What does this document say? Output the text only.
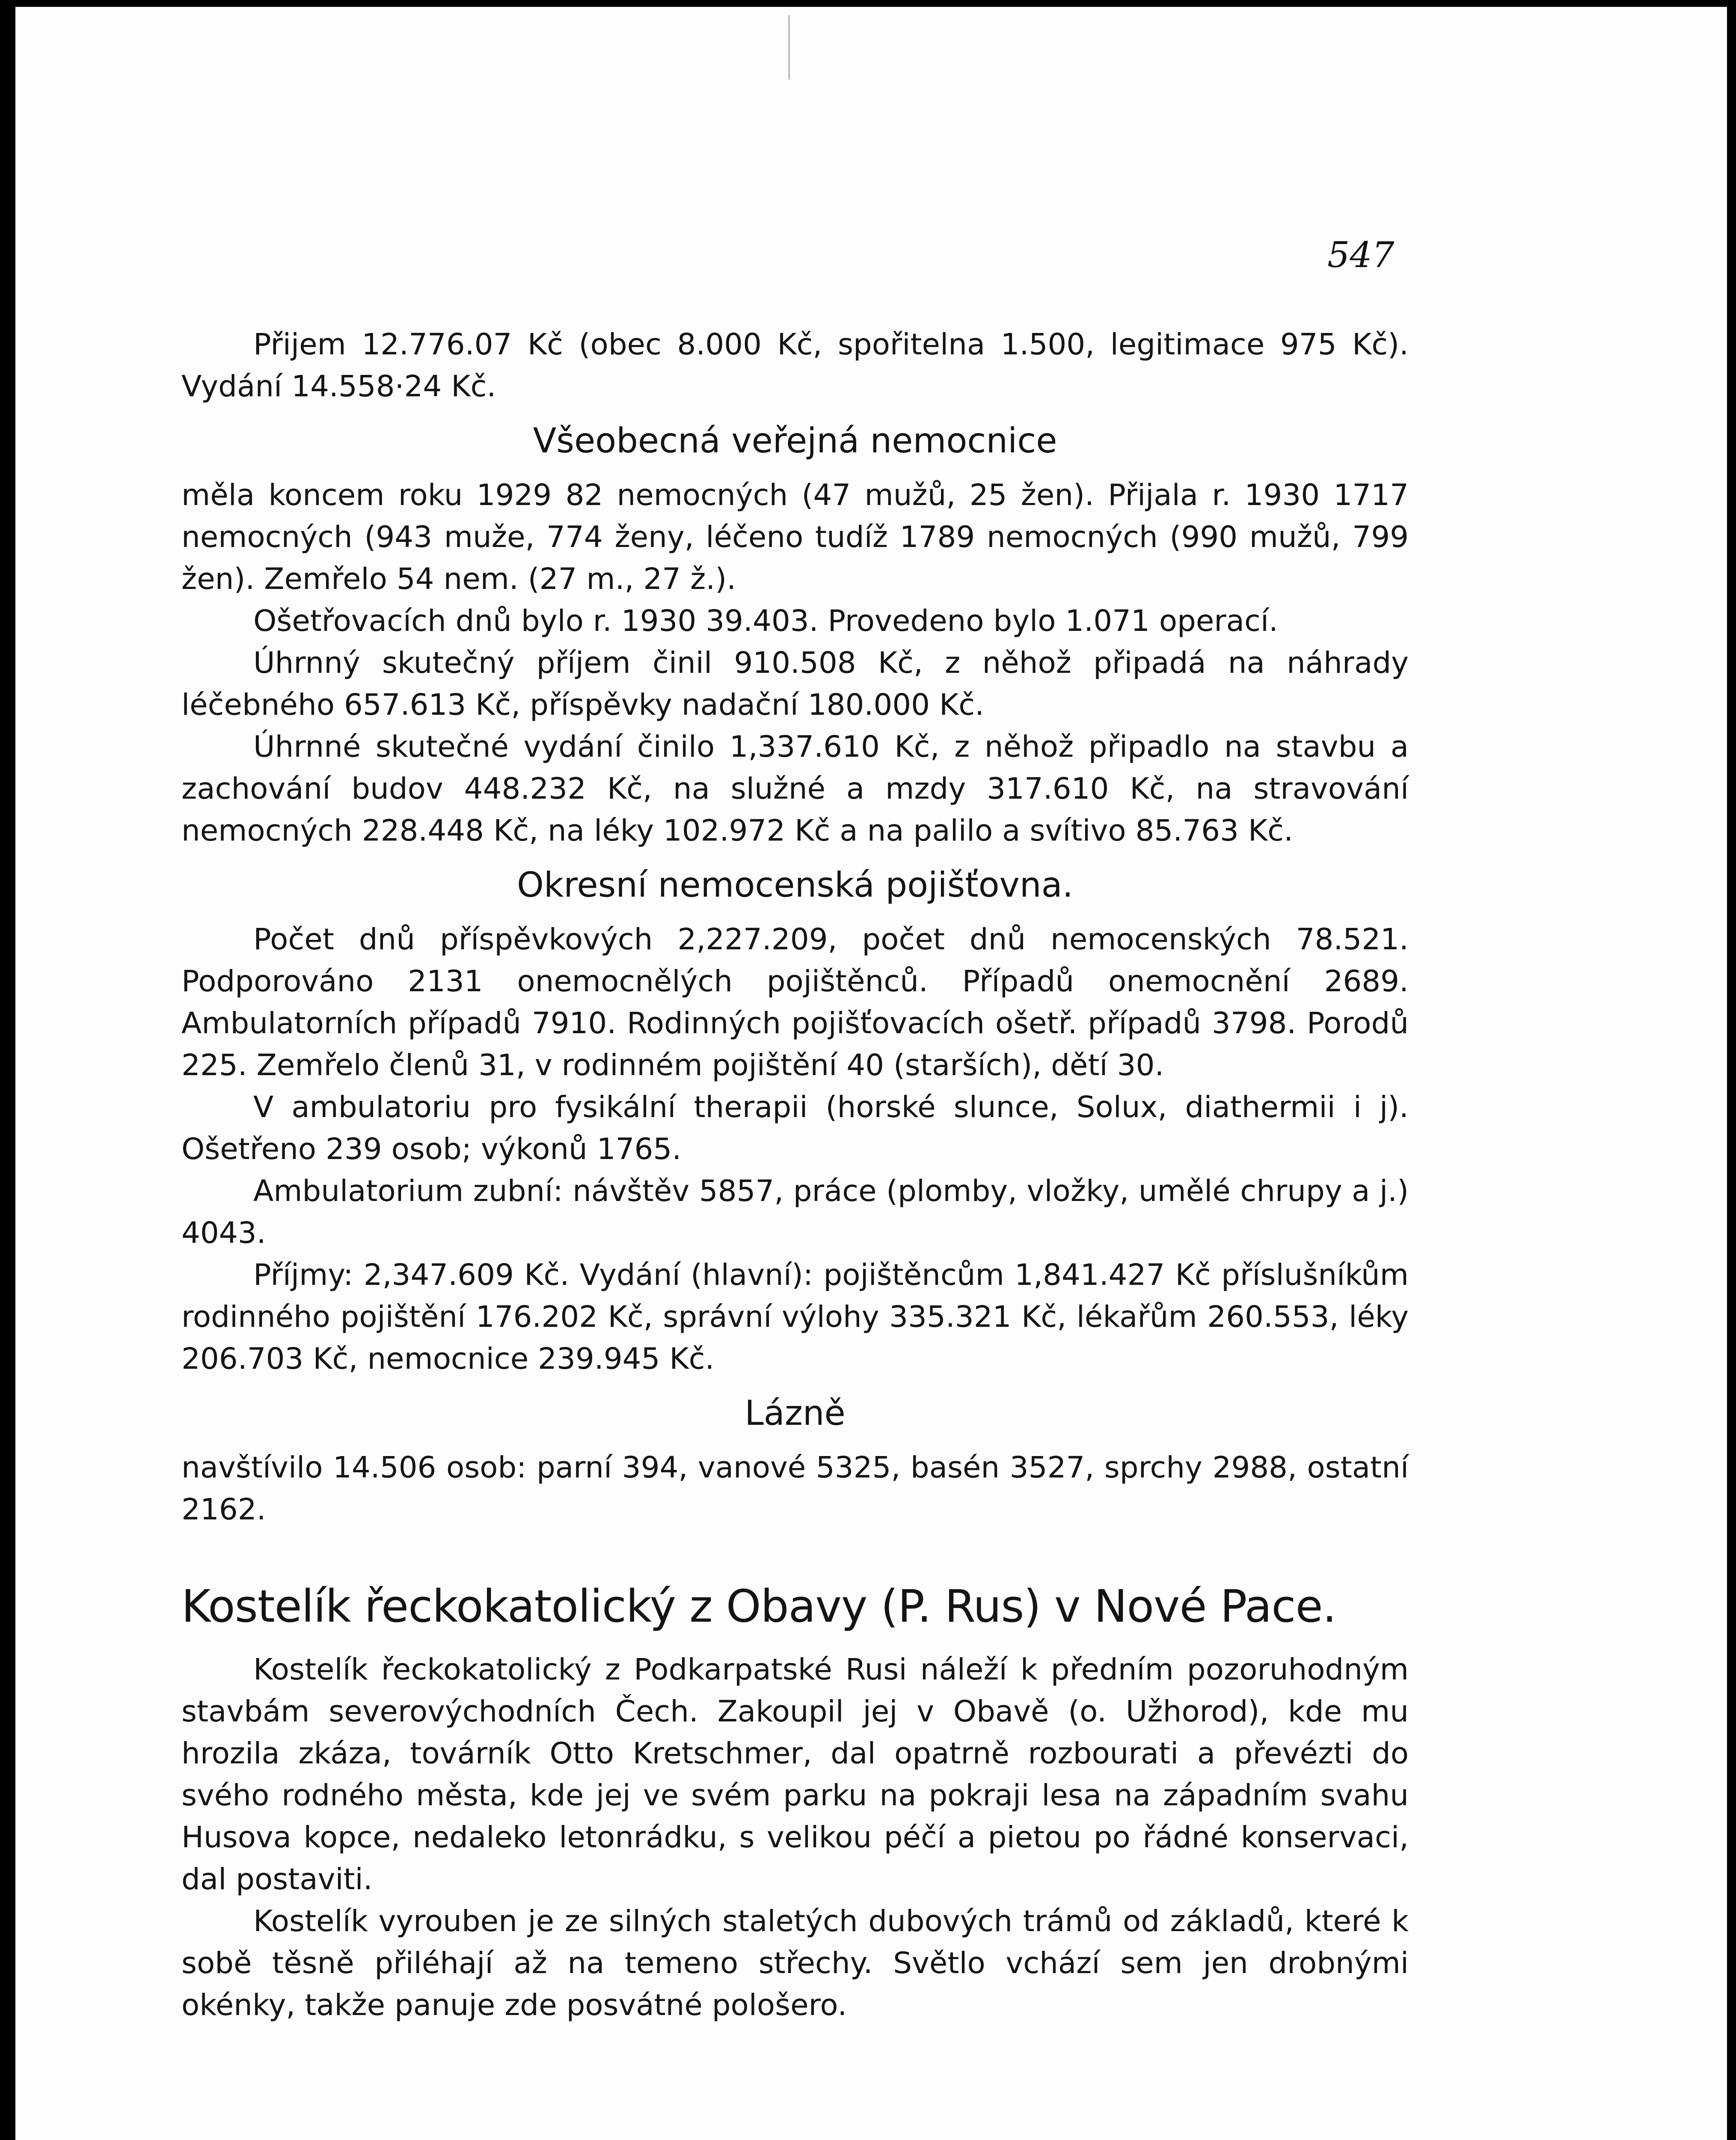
547

Přijem 12.776.07 Kč (obec 8.000 Kč, spořitelna 1.500, legitimace 975 Kč). Vydání 14.558·24 Kč.

Všeobecná veřejná nemocnice

měla koncem roku 1929 82 nemocných (47 mužů, 25 žen). Přijala r. 1930 1717 nemocných (943 muže, 774 ženy, léčeno tudíž 1789 nemocných (990 mužů, 799 žen). Zemřelo 54 nem. (27 m., 27 ž.).

Ošetřovacích dnů bylo r. 1930 39.403. Provedeno bylo 1.071 operací.

Úhrnný skutečný příjem činil 910.508 Kč, z něhož připadá na náhrady léčebného 657.613 Kč, příspěvky nadační 180.000 Kč.

Úhrnné skutečné vydání činilo 1,337.610 Kč, z něhož připadlo na stavbu a zachování budov 448.232 Kč, na služné a mzdy 317.610 Kč, na stravování nemocných 228.448 Kč, na léky 102.972 Kč a na palilo a svítivo 85.763 Kč.

Okresní nemocenská pojišťovna.

Počet dnů příspěvkových 2,227.209, počet dnů nemocenských 78.521. Podporováno 2131 onemocnělých pojištěnců. Případů onemocnění 2689. Ambulatorních případů 7910. Rodinných pojišťovacích ošetř. případů 3798. Porodů 225. Zemřelo členů 31, v rodinném pojištění 40 (starších), dětí 30.

V ambulatoriu pro fysikální therapii (horské slunce, Solux, diathermii i j). Ošetřeno 239 osob; výkonů 1765.

Ambulatorium zubní: návštěv 5857, práce (plomby, vložky, umělé chrupy a j.) 4043.

Příjmy: 2,347.609 Kč. Vydání (hlavní): pojištěncům 1,841.427 Kč příslušníkům rodinného pojištění 176.202 Kč, správní výlohy 335.321 Kč, lékařům 260.553, léky 206.703 Kč, nemocnice 239.945 Kč.

Lázně

navštívilo 14.506 osob: parní 394, vanové 5325, basén 3527, sprchy 2988, ostatní 2162.

Kostelík řeckokatolický z Obavy (P. Rus) v Nové Pace.

Kostelík řeckokatolický z Podkarpatské Rusi náleží k předním pozoruhodným stavbám severovýchodních Čech. Zakoupil jej v Obavě (o. Užhorod), kde mu hrozila zkáza, továrník Otto Kretschmer, dal opatrně rozbourati a převézti do svého rodného města, kde jej ve svém parku na pokraji lesa na západním svahu Husova kopce, nedaleko letonrádku, s velikou péčí a pietou po řádné konservaci, dal postaviti.

Kostelík vyrouben je ze silných staletých dubových trámů od základů, které k sobě těsně přiléhají až na temeno střechy. Světlo vchází sem jen drobnými okénky, takže panuje zde posvátné pološero.
